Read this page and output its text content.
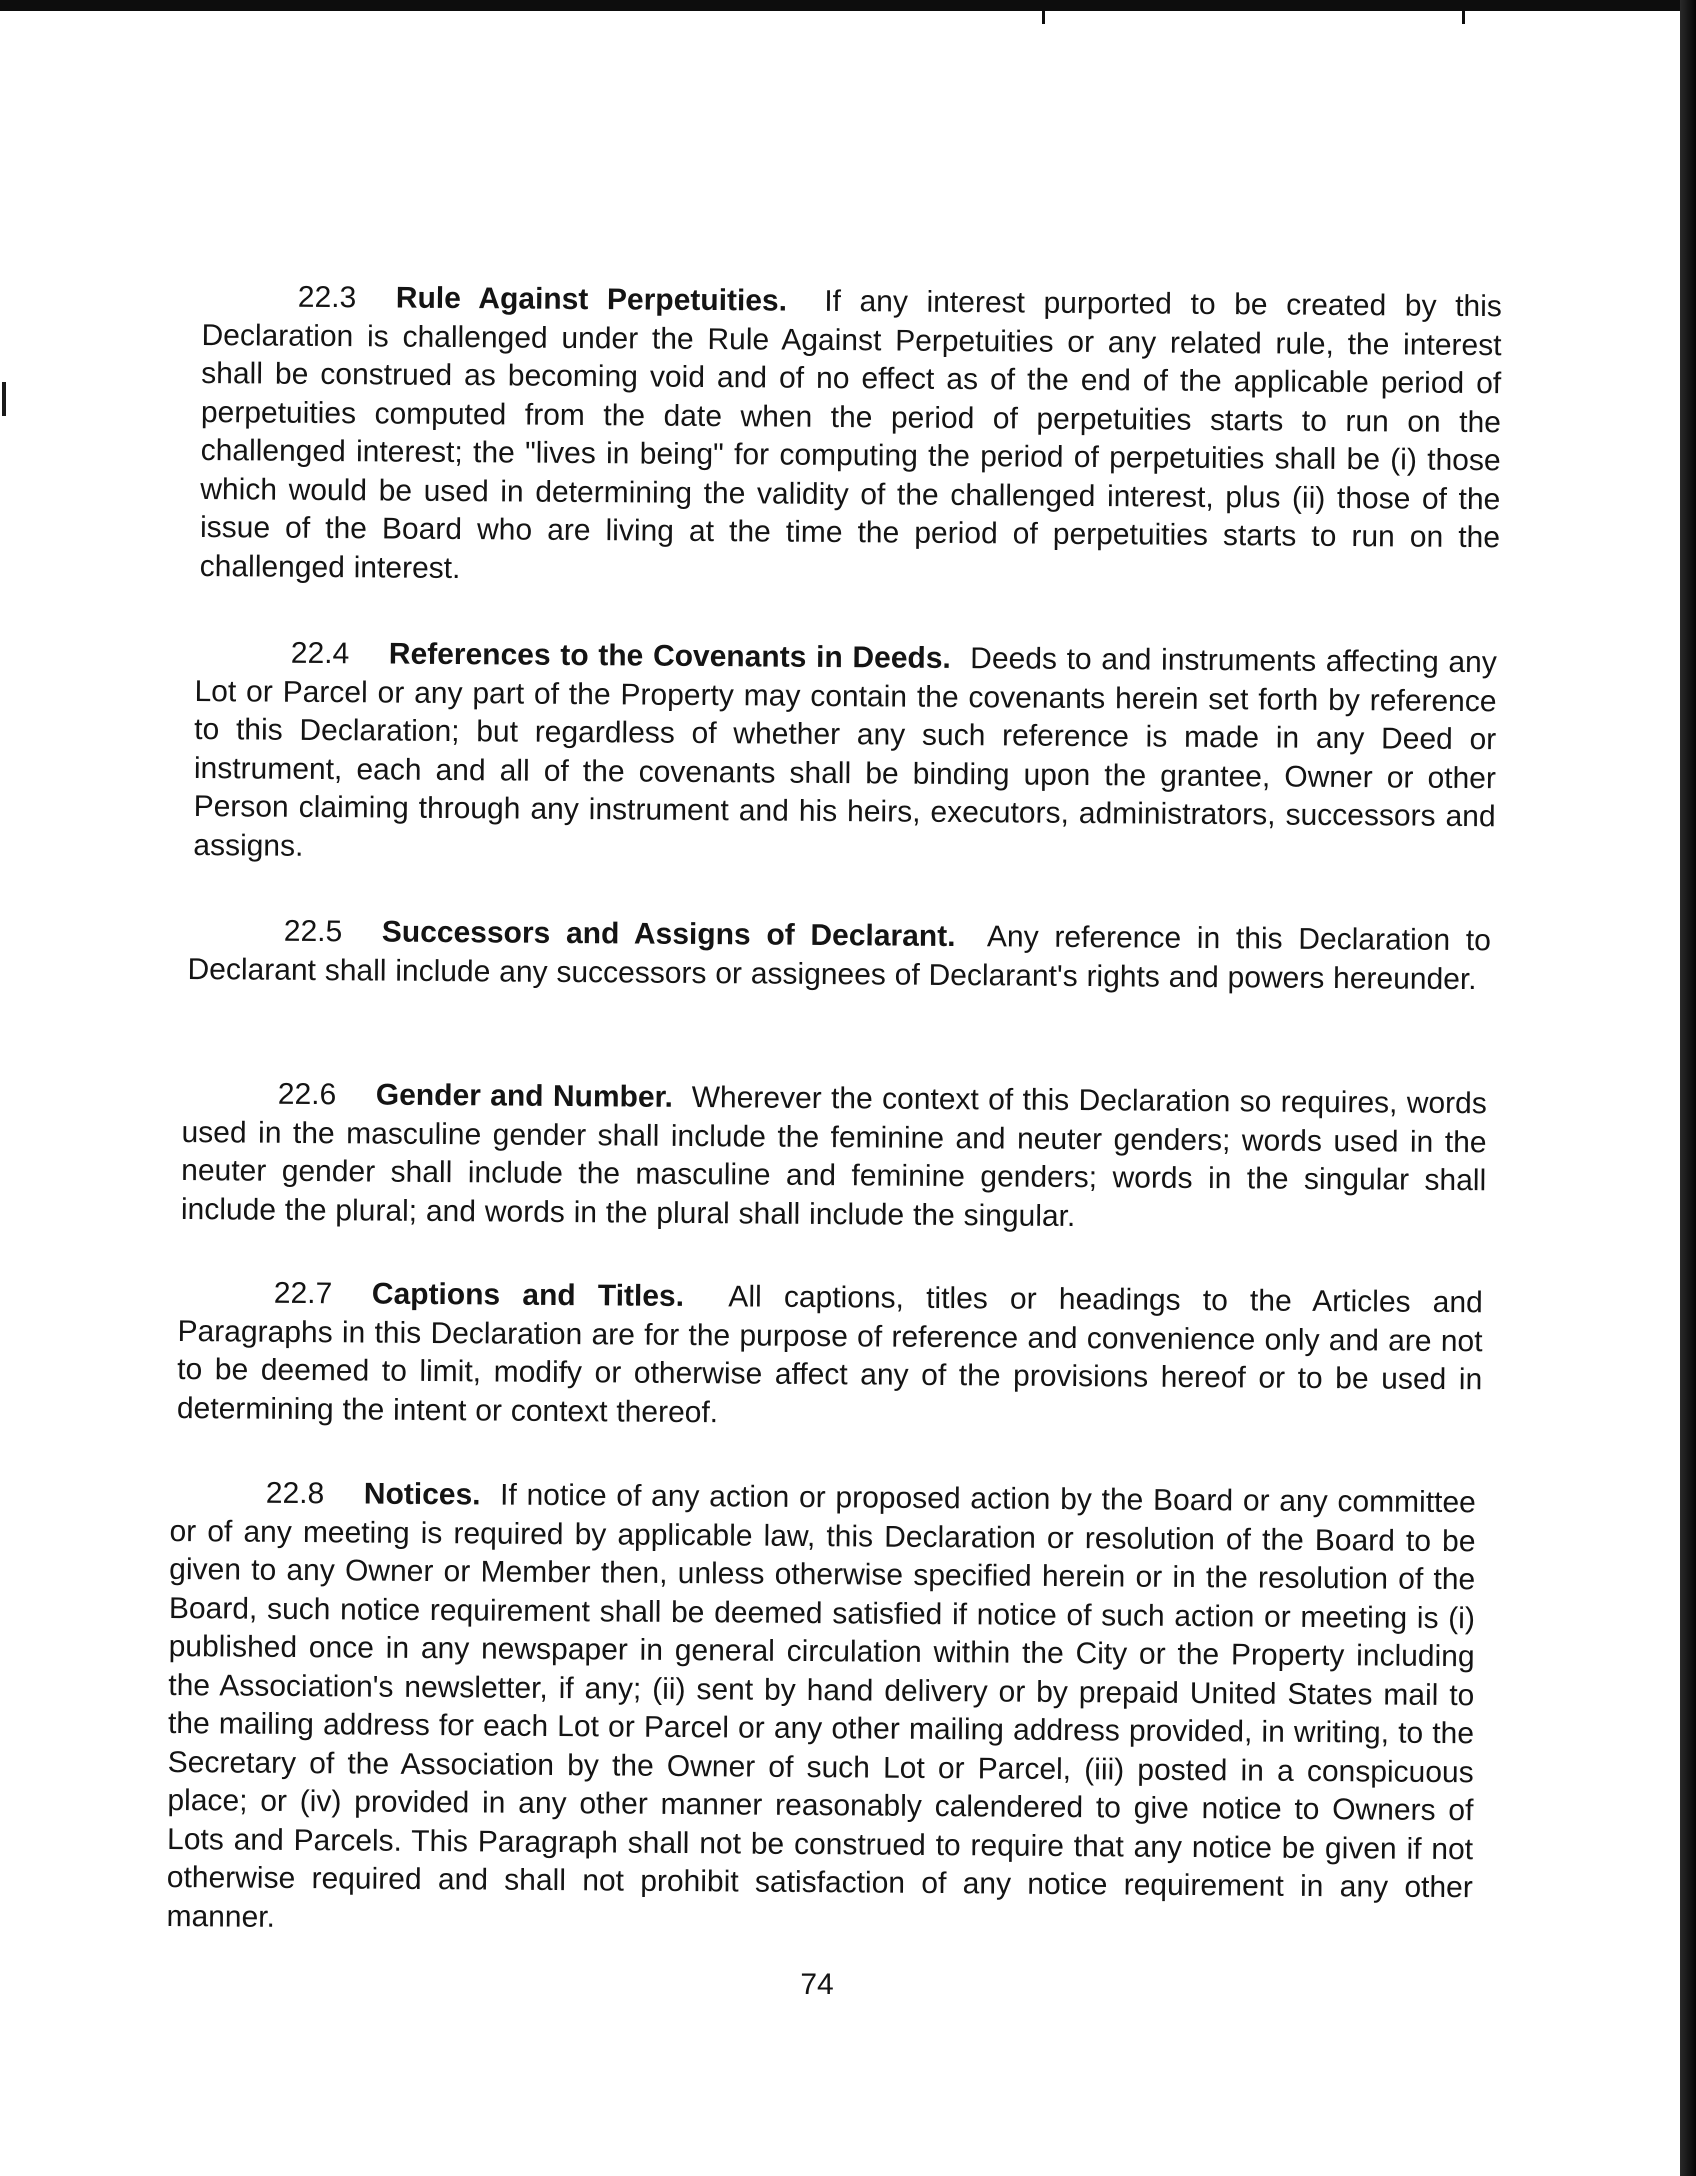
22.3 Rule Against Perpetuities. If any interest purported to be created by this Declaration is challenged under the Rule Against Perpetuities or any related rule, the interest shall be construed as becoming void and of no effect as of the end of the applicable period of perpetuities computed from the date when the period of perpetuities starts to run on the challenged interest; the "lives in being" for computing the period of perpetuities shall be (i) those which would be used in determining the validity of the challenged interest, plus (ii) those of the issue of the Board who are living at the time the period of perpetuities starts to run on the challenged interest.

22.4 References to the Covenants in Deeds. Deeds to and instruments affecting any Lot or Parcel or any part of the Property may contain the covenants herein set forth by reference to this Declaration; but regardless of whether any such reference is made in any Deed or instrument, each and all of the covenants shall be binding upon the grantee, Owner or other Person claiming through any instrument and his heirs, executors, administrators, successors and assigns.

22.5 Successors and Assigns of Declarant. Any reference in this Declaration to Declarant shall include any successors or assignees of Declarant's rights and powers hereunder.

22.6 Gender and Number. Wherever the context of this Declaration so requires, words used in the masculine gender shall include the feminine and neuter genders; words used in the neuter gender shall include the masculine and feminine genders; words in the singular shall include the plural; and words in the plural shall include the singular.

22.7 Captions and Titles. All captions, titles or headings to the Articles and Paragraphs in this Declaration are for the purpose of reference and convenience only and are not to be deemed to limit, modify or otherwise affect any of the provisions hereof or to be used in determining the intent or context thereof.

22.8 Notices. If notice of any action or proposed action by the Board or any committee or of any meeting is required by applicable law, this Declaration or resolution of the Board to be given to any Owner or Member then, unless otherwise specified herein or in the resolution of the Board, such notice requirement shall be deemed satisfied if notice of such action or meeting is (i) published once in any newspaper in general circulation within the City or the Property including the Association's newsletter, if any; (ii) sent by hand delivery or by prepaid United States mail to the mailing address for each Lot or Parcel or any other mailing address provided, in writing, to the Secretary of the Association by the Owner of such Lot or Parcel, (iii) posted in a conspicuous place; or (iv) provided in any other manner reasonably calendered to give notice to Owners of Lots and Parcels. This Paragraph shall not be construed to require that any notice be given if not otherwise required and shall not prohibit satisfaction of any notice requirement in any other manner.

74
